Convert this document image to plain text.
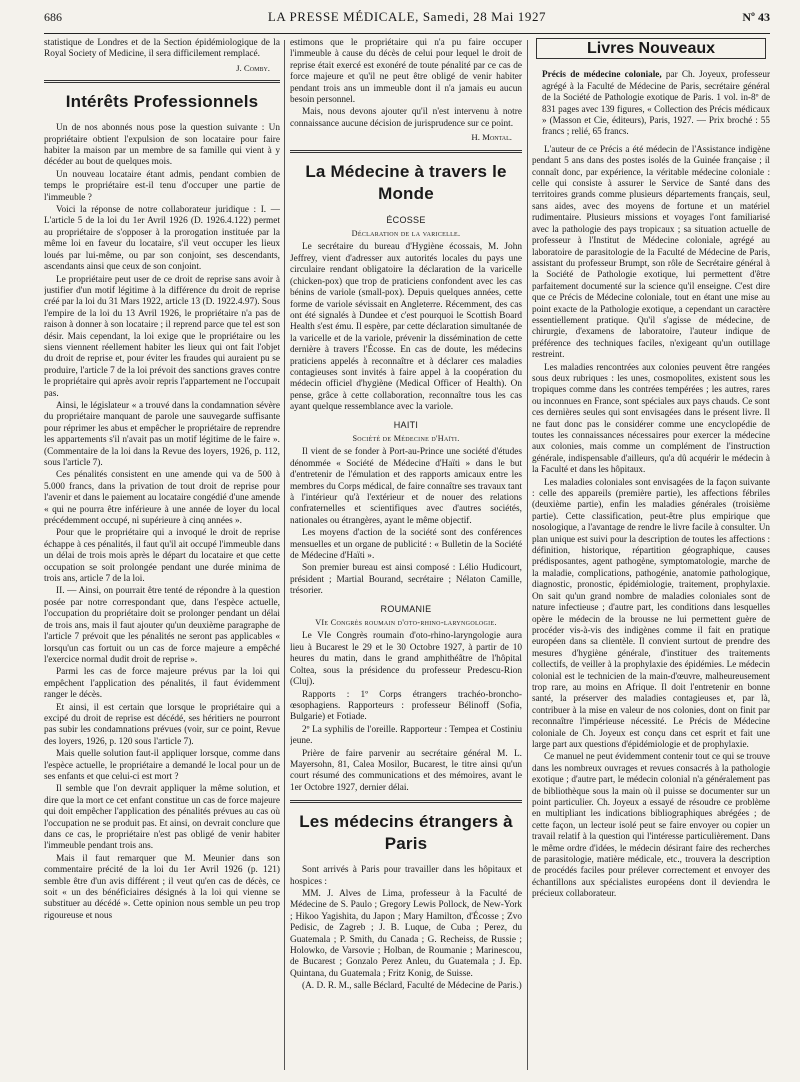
686	LA PRESSE MÉDICALE, Samedi, 28 Mai 1927	Nº 43

statistique de Londres et de la Section épidémiologique de la Royal Society of Medicine, il sera difficilement remplacé.

J. Comby.
Intérêts Professionnels

Un de nos abonnés nous pose la question suivante : Un propriétaire obtient l'expulsion de son locataire pour faire habiter la maison par un membre de sa famille qui vient à y décéder au bout de quelques mois.

Un nouveau locataire étant admis, pendant combien de temps le propriétaire est-il tenu d'occuper une partie de l'immeuble ?

Voici la réponse de notre collaborateur juridique : I. — L'article 5 de la loi du 1er Avril 1926 (D. 1926.4.122) permet au propriétaire de s'opposer à la prorogation instituée par la même loi en faveur du locataire, s'il veut occuper les lieux loués par lui-même, ou par son conjoint, ses descendants, ascendants ainsi que ceux de son conjoint.

Le propriétaire peut user de ce droit de reprise sans avoir à justifier d'un motif légitime à la différence du droit de reprise créé par la loi du 31 Mars 1922, article 13 (D. 1922.4.97). Sous l'empire de la loi du 13 Avril 1926, le propriétaire n'a pas de raison à donner à son locataire ; il reprend parce que tel est son désir. Mais cependant, la loi exige que le propriétaire ou les siens viennent réellement habiter les lieux qui ont fait l'objet du droit de reprise et, pour éviter les fraudes qui auraient pu se produire, l'article 7 de la loi prévoit des sanctions graves contre le propriétaire qui après avoir repris l'appartement ne l'occupait pas.

Ainsi, le législateur « a trouvé dans la condamnation sévère du propriétaire manquant de parole une sauvegarde suffisante pour réprimer les abus et empêcher le propriétaire de reprendre les appartements s'il n'avait pas un motif légitime de le faire ». (Commentaire de la loi dans la Revue des loyers, 1926, p. 112, sous l'article 7).

Ces pénalités consistent en une amende qui va de 500 à 5.000 francs, dans la privation de tout droit de reprise pour l'avenir et dans le paiement au locataire congédié d'une amende « qui ne pourra être inférieure à une année de loyer du local précédemment occupé, ni supérieure à cinq années ».

Pour que le propriétaire qui a invoqué le droit de reprise échappe à ces pénalités, il faut qu'il ait occupé l'immeuble dans un délai de trois mois après le départ du locataire et que cette occupation se soit prolongée pendant une durée minima de trois ans, article 7 de la loi.

II. — Ainsi, on pourrait être tenté de répondre à la question posée par notre correspondant que, dans l'espèce actuelle, l'occupation du propriétaire doit se prolonger pendant un délai de trois ans, mais il faut ajouter qu'un deuxième paragraphe de l'article 7 prévoit que les pénalités ne seront pas applicables « lorsqu'un cas fortuit ou un cas de force majeure a empêché l'exercice normal dudit droit de reprise ».

Parmi les cas de force majeure prévus par la loi qui empêchent l'application des pénalités, il faut évidemment ranger le décès.

Et ainsi, il est certain que lorsque le propriétaire qui a excipé du droit de reprise est décédé, ses héritiers ne pourront pas subir les condamnations prévues (voir, sur ce point, Revue des loyers, 1926, p. 120 sous l'article 7).

Mais quelle solution faut-il appliquer lorsque, comme dans l'espèce actuelle, le propriétaire a demandé le local pour un de ses enfants et que celui-ci est mort ?

Il semble que l'on devrait appliquer la même solution, et dire que la mort ce cet enfant constitue un cas de force majeure qui doit empêcher l'application des pénalités prévues au cas où l'occupation ne se produit pas. Et ainsi, on devrait conclure que dans ce cas, le propriétaire n'est pas obligé de venir habiter l'immeuble pendant trois ans.

Mais il faut remarquer que M. Meunier dans son commentaire précité de la loi du 1er Avril 1926 (p. 121) semble être d'un avis différent ; il veut qu'en cas de décès, ce soit « un des bénéficiaires désignés à la loi qui vienne se substituer au décédé ». Cette opinion nous semble un peu trop rigoureuse et nous

estimons que le propriétaire qui n'a pu faire occuper l'immeuble à cause du décès de celui pour lequel le droit de reprise était exercé est exonéré de toute pénalité par ce cas de force majeure et qu'il ne peut être obligé de venir habiter pendant trois ans un immeuble dont il n'a jamais eu aucun besoin personnel.

Mais, nous devons ajouter qu'il n'est intervenu à notre connaissance aucune décision de jurisprudence sur ce point.

H. Montal.
La Médecine à travers le Monde
ÉCOSSE
Déclaration de la varicelle.

Le secrétaire du bureau d'Hygiène écossais, M. John Jeffrey, vient d'adresser aux autorités locales du pays une circulaire rendant obligatoire la déclaration de la varicelle (chicken-pox) que trop de praticiens confondent avec les cas bénins de variole (small-pox). Depuis quelques années, cette forme de variole sévissait en Angleterre. Récemment, des cas ont été signalés à Dundee et c'est pourquoi le Scottish Board Health s'est ému. Il espère, par cette déclaration simultanée de la varicelle et de la variole, prévenir la dissémination de cette dernière à travers l'Écosse. En cas de doute, les médecins praticiens appelés à reconnaître et à déclarer ces maladies contagieuses sont invités à faire appel à la coopération du médecin officiel d'hygiène (Medical Officer of Health). On pense, grâce à cette collaboration, reconnaître tous les cas ayant quelque ressemblance avec la variole.

HAITI
Société de Médecine d'Haïti.

Il vient de se fonder à Port-au-Prince une société d'études dénommée « Société de Médecine d'Haïti » dans le but d'entretenir de l'émulation et des rapports amicaux entre les membres du Corps médical, de faire connaître ses travaux tant à l'intérieur qu'à l'extérieur et de nouer des relations confraternelles et scientifiques avec d'autres sociétés, nationales ou étrangères, ayant le même objectif.

Les moyens d'action de la société sont des conférences mensuelles et un organe de publicité : « Bulletin de la Société de Médecine d'Haïti ».

Son premier bureau est ainsi composé : Lélio Hudicourt, président ; Martial Bourand, secrétaire ; Nélaton Camille, trésorier.

ROUMANIE
VIe Congrès roumain d'oto-rhino-laryngologie.

Le VIe Congrès roumain d'oto-rhino-laryngologie aura lieu à Bucarest le 29 et le 30 Octobre 1927, à partir de 10 heures du matin, dans le grand amphithéâtre de l'hôpital Coltea, sous la présidence du professeur Predescu-Rion (Cluj).

Rapports : 1º Corps étrangers trachéo-broncho-œsophagiens. Rapporteurs : professeur Bélinoff (Sofia, Bulgarie) et Fotiade.

2º La syphilis de l'oreille. Rapporteur : Tempea et Costiniu jeune.

Prière de faire parvenir au secrétaire général M. L. Mayersohn, 81, Calea Mosilor, Bucarest, le titre ainsi qu'un court résumé des communications et des mémoires, avant le 1er Octobre 1927, dernier délai.

Les médecins étrangers à Paris

Sont arrivés à Paris pour travailler dans les hôpitaux et hospices :

MM. J. Alves de Lima, professeur à la Faculté de Médecine de S. Paulo ; Gregory Lewis Pollock, de New-York ; Hikoo Yagishita, du Japon ; Mary Hamilton, d'Écosse ; Zvo Pedisic, de Zagreb ; J. B. Luque, de Cuba ; Perez, du Guatemala ; P. Smith, du Canada ; G. Recheiss, de Russie ; Holowko, de Varsovie ; Holban, de Roumanie ; Marinescou, de Bucarest ; Gonzalo Perez Anleu, du Guatemala ; J. Ep. Quintana, du Guatemala ; Fritz Konig, de Suisse.

(A. D. R. M., salle Béclard, Faculté de Médecine de Paris.)

Livres Nouveaux

Précis de médecine coloniale, par Ch. Joyeux, professeur agrégé à la Faculté de Médecine de Paris, secrétaire général de la Société de Pathologie exotique de Paris. 1 vol. in-8º de 831 pages avec 139 figures, « Collection des Précis médicaux » (Masson et Cie, éditeurs), Paris, 1927. — Prix broché : 55 francs ; relié, 65 francs.

L'auteur de ce Précis a été médecin de l'Assistance indigène pendant 5 ans dans des postes isolés de la Guinée française ; il connaît donc, par expérience, la véritable médecine coloniale : celle qui consiste à assurer le Service de Santé dans des territoires grands comme plusieurs départements français, seul, sans aides, avec des moyens de fortune et un matériel rudimentaire. Plusieurs missions et voyages l'ont familiarisé avec la pathologie des pays tropicaux ; sa situation actuelle de professeur à l'Institut de Médecine coloniale, agrégé au laboratoire de parasitologie de la Faculté de Médecine de Paris, assistant du professeur Brumpt, son rôle de Secrétaire général à la Société de Pathologie exotique, lui permettent d'être parfaitement documenté sur la science qu'il enseigne. C'est dire que ce Précis de Médecine coloniale, tout en étant une mise au point exacte de la Pathologie exotique, a cependant un caractère essentiellement pratique. Qu'il s'agisse de médecine, de chirurgie, d'examens de laboratoire, l'auteur indique de préférence des techniques faciles, n'exigeant qu'un outillage restreint.

Les maladies rencontrées aux colonies peuvent être rangées sous deux rubriques : les unes, cosmopolites, existent sous les tropiques comme dans les contrées tempérées ; les autres, rares ou inconnues en France, sont spéciales aux pays chauds. Ce sont ces dernières seules qui sont envisagées dans le présent livre. Il ne faut donc pas le considérer comme une encyclopédie de toutes les connaissances nécessaires pour exercer la médecine aux colonies, mais comme un complément de l'instruction générale, indispensable d'ailleurs, qu'a dû acquérir le médecin à la Faculté et dans les hôpitaux.

Les maladies coloniales sont envisagées de la façon suivante : celle des appareils (première partie), les affections fébriles (deuxième partie), enfin les maladies générales (troisième partie). Cette classification, peut-être plus empirique que nosologique, a l'avantage de rendre le livre facile à consulter. Un plan unique est suivi pour la description de toutes les affections : définition, historique, répartition géographique, causes prédisposantes, agent pathogène, symptomatologie, marche de la maladie, complications, pathogénie, anatomie pathologique, diagnostic, pronostic, épidémiologie, traitement, prophylaxie. On sait qu'un grand nombre de maladies coloniales sont de nature infectieuse ; d'autre part, les conditions dans lesquelles opère le médecin de la brousse ne lui permettent guère de procéder vis-à-vis des indigènes comme il fait en pratique européen dans sa clientèle. Il convient surtout de prendre des mesures d'hygiène générale, d'instituer des traitements collectifs, de veiller à la prophylaxie des épidémies. Le médecin colonial est le technicien de la main-d'œuvre, malheureusement trop rare, au moins en Afrique. Il doit l'entretenir en bonne santé, la préserver des maladies contagieuses et, par là, contribuer à la mise en valeur de nos colonies, dont on finit par reconnaître l'impérieuse nécessité. Le Précis de Médecine coloniale de Ch. Joyeux est conçu dans cet esprit et fait une large part aux questions d'épidémiologie et de prophylaxie.

Ce manuel ne peut évidemment contenir tout ce qui se trouve dans les nombreux ouvrages et revues consacrés à la pathologie exotique ; d'autre part, le médecin colonial n'a généralement pas de bibliothèque sous la main où il puisse se documenter sur un point particulier. Ch. Joyeux a essayé de résoudre ce problème en multipliant les indications bibliographiques abrégées ; de cette façon, un lecteur isolé peut se faire envoyer ou copier un travail relatif à la question qui l'intéresse particulièrement. Dans le même ordre d'idées, le médecin désirant faire des recherches de parasitologie, matière médicale, etc., trouvera la description de procédés faciles pour prélever correctement et envoyer des échantillons aux spécialistes européens dont il deviendra le précieux collaborateur.
